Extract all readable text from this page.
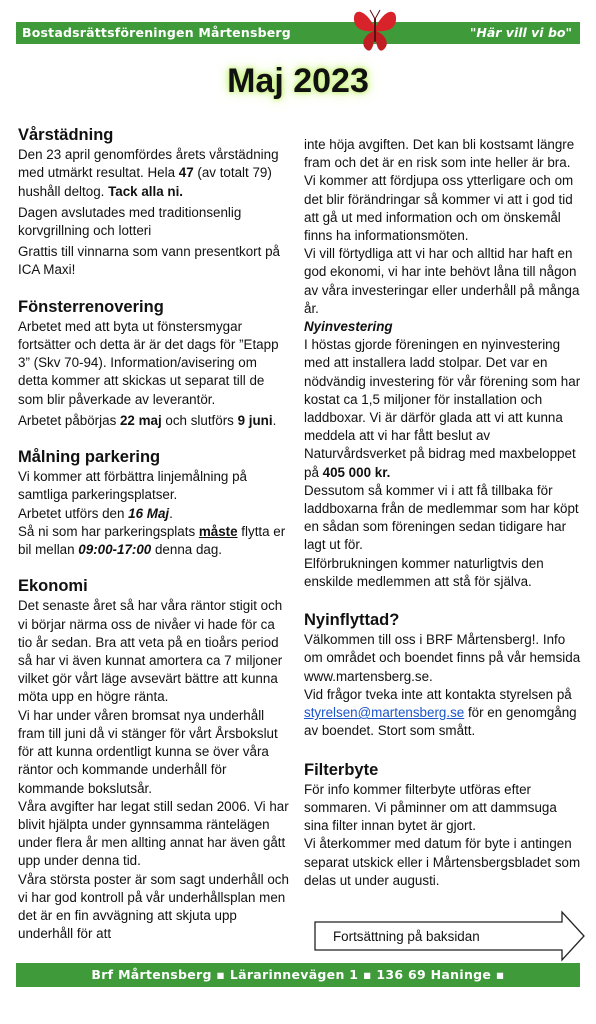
Bostadsrättsföreningen Mårtensberg	"Här vill vi bo"
Maj 2023
Vårstädning

Den 23 april genomfördes årets vårstädning med utmärkt resultat. Hela 47 (av totalt 79) hushåll deltog. Tack alla ni.

Dagen avslutades med traditionsenlig korvgrillning och lotteri

Grattis till vinnarna som vann presentkort på ICA Maxi!

Fönsterrenovering

Arbetet med att byta ut fönstersmygar fortsätter och detta är är det dags för ”Etapp 3” (Skv 70-94). Information/avisering om detta kommer att skickas ut separat till de som blir påverkade av leverantör.

Arbetet påbörjas 22 maj och slutförs 9 juni.

Målning parkering

Vi kommer att förbättra linjemålning på samtliga parkeringsplatser.

Arbetet utförs den 16 Maj.

Så ni som har parkeringsplats måste flytta er bil mellan 09:00-17:00 denna dag.

Ekonomi

Det senaste året så har våra räntor stigit och vi börjar närma oss de nivåer vi hade för ca tio år sedan. Bra att veta på en tioårs period så har vi även kunnat amortera ca 7 miljoner vilket gör vårt läge avsevärt bättre att kunna möta upp en högre ränta.

Vi har under våren bromsat nya underhåll fram till juni då vi stänger för vårt Årsbokslut för att kunna ordentligt kunna se över våra räntor och kommande underhåll för kommande bokslutsår.

Våra avgifter har legat still sedan 2006. Vi har blivit hjälpta under gynnsamma räntelägen under flera år men allting annat har även gått upp under denna tid.

Våra största poster är som sagt underhåll och vi har god kontroll på vår underhållsplan men det är en fin avvägning att skjuta upp underhåll för att

inte höja avgiften. Det kan bli kostsamt längre fram och det är en risk som inte heller är bra.

Vi kommer att fördjupa oss ytterligare och om det blir förändringar så kommer vi att i god tid att gå ut med information och om önskemål finns ha informationsmöten.

Vi vill förtydliga att vi har och alltid har haft en god ekonomi, vi har inte behövt låna till någon av våra investeringar eller underhåll på många år.

Nyinvestering

I höstas gjorde föreningen en nyinvestering med att installera ladd stolpar. Det var en nödvändig investering för vår förening som har kostat ca 1,5 miljoner för installation och laddboxar. Vi är därför glada att vi att kunna meddela att vi har fått beslut av Naturvårdsverket på bidrag med maxbeloppet på 405 000 kr.

Dessutom så kommer vi i att få tillbaka för laddboxarna från de medlemmar som har köpt en sådan som föreningen sedan tidigare har lagt ut för.

Elförbrukningen kommer naturligtvis den enskilde medlemmen att stå för själva.

Nyinflyttad?

Välkommen till oss i BRF Mårtensberg!. Info om området och boendet finns på vår hemsida www.martensberg.se.

Vid frågor tveka inte att kontakta styrelsen på styrelsen@martensberg.se för en genomgång av boendet. Stort som smått.

Filterbyte

För info kommer filterbyte utföras efter sommaren. Vi påminner om att dammsuga sina filter innan bytet är gjort.

Vi återkommer med datum för byte i antingen separat utskick eller i Mårtensbergsbladet som delas ut under augusti.

Fortsättning på baksidan
Brf Mårtensberg ▪ Lärarinnevägen 1 ▪ 136 69 Haninge ▪ www.martensberg.se
